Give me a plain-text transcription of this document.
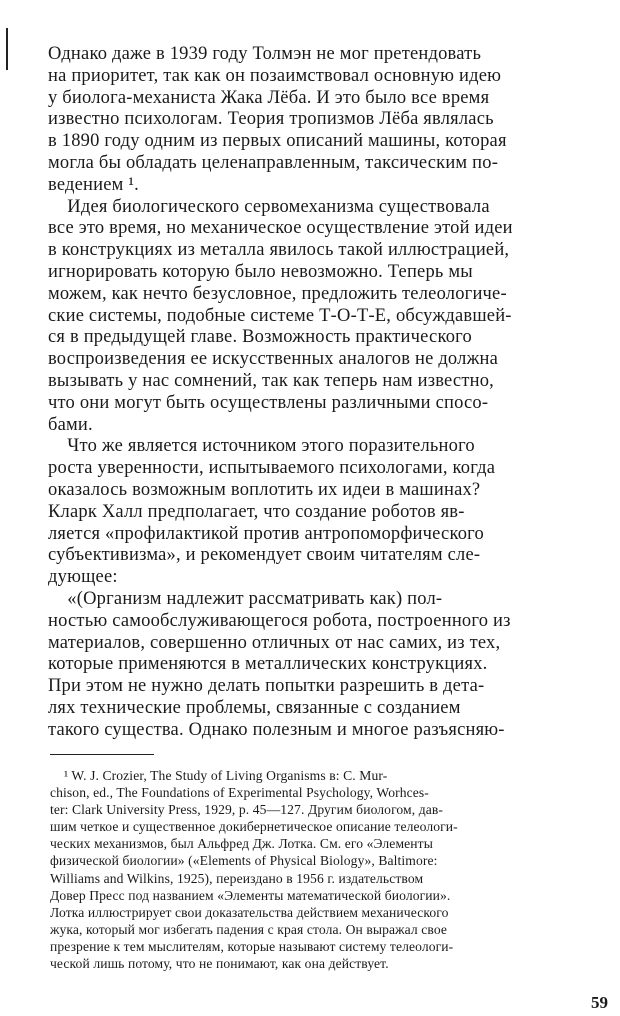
Однако даже в 1939 году Толмэн не мог претендовать
на приоритет, так как он позаимствовал основную идею
у биолога-механиста Жака Лёба. И это было все время
известно психологам. Теория тропизмов Лёба являлась
в 1890 году одним из первых описаний машины, которая
могла бы обладать целенаправленным, таксическим по-
ведением ¹.
Идея биологического сервомеханизма существовала
все это время, но механическое осуществление этой идеи
в конструкциях из металла явилось такой иллюстрацией,
игнорировать которую было невозможно. Теперь мы
можем, как нечто безусловное, предложить телеологиче-
ские системы, подобные системе Т-О-Т-Е, обсуждавшей-
ся в предыдущей главе. Возможность практического
воспроизведения ее искусственных аналогов не должна
вызывать у нас сомнений, так как теперь нам известно,
что они могут быть осуществлены различными спосо-
бами.
Что же является источником этого поразительного
роста уверенности, испытываемого психологами, когда
оказалось возможным воплотить их идеи в машинах?
Кларк Халл предполагает, что создание роботов яв-
ляется «профилактикой против антропоморфического
субъективизма», и рекомендует своим читателям сле-
дующее:
«(Организм надлежит рассматривать как) пол-
ностью самообслуживающегося робота, построенного из
материалов, совершенно отличных от нас самих, из тех,
которые применяются в металлических конструкциях.
При этом не нужно делать попытки разрешить в дета-
лях технические проблемы, связанные с созданием
такого существа. Однако полезным и многое разъясняю-
¹ W. J. Crozier, The Study of Living Organisms в: C. Mur-
chison, ed., The Foundations of Experimental Psychology, Worhces-
ter: Clark University Press, 1929, p. 45—127. Другим биологом, дав-
шим четкое и существенное докибернетическое описание телеологи-
ческих механизмов, был Альфред Дж. Лотка. См. его «Элементы
физической биологии» («Elements of Physical Biology», Baltimore:
Williams and Wilkins, 1925), переиздано в 1956 г. издательством
Довер Пресс под названием «Элементы математической биологии».
Лотка иллюстрирует свои доказательства действием механического
жука, который мог избегать падения с края стола. Он выражал свое
презрение к тем мыслителям, которые называют систему телеологи-
ческой лишь потому, что не понимают, как она действует.
59
